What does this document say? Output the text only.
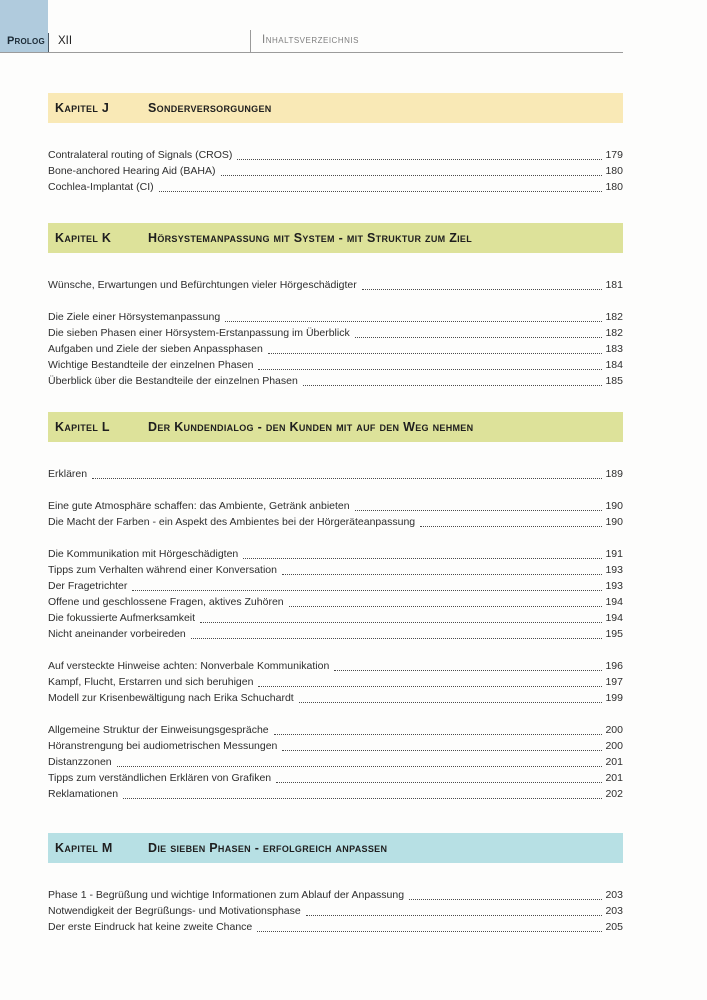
Prolog XII	Inhaltsverzeichnis
Kapitel J	Sonderversorgungen
Contralateral routing of Signals (CROS)	179
Bone-anchored Hearing Aid (BAHA)	180
Cochlea-Implantat (CI)	180
Kapitel K	Hörsystemanpassung mit System - mit Struktur zum Ziel
Wünsche, Erwartungen und Befürchtungen vieler Hörgeschädigter	181
Die Ziele einer Hörsystemanpassung	182
Die sieben Phasen einer Hörsystem-Erstanpassung im Überblick	182
Aufgaben und Ziele der sieben Anpassphasen	183
Wichtige Bestandteile der einzelnen Phasen	184
Überblick über die Bestandteile der einzelnen Phasen	185
Kapitel L	Der Kundendialog - den Kunden mit auf den Weg nehmen
Erklären	189
Eine gute Atmosphäre schaffen: das Ambiente, Getränk anbieten	190
Die Macht der Farben - ein Aspekt des Ambientes bei der Hörgeräteanpassung	190
Die Kommunikation mit Hörgeschädigten	191
Tipps zum Verhalten während einer Konversation	193
Der Fragetrichter	193
Offene und geschlossene Fragen, aktives Zuhören	194
Die fokussierte Aufmerksamkeit	194
Nicht aneinander vorbeireden	195
Auf versteckte Hinweise achten: Nonverbale Kommunikation	196
Kampf, Flucht, Erstarren und sich beruhigen	197
Modell zur Krisenbewältigung nach Erika Schuchardt	199
Allgemeine Struktur der Einweisungsgespräche	200
Höranstrengung bei audiometrischen Messungen	200
Distanzzonen	201
Tipps zum verständlichen Erklären von Grafiken	201
Reklamationen	202
Kapitel M	Die sieben Phasen - erfolgreich anpassen
Phase 1 - Begrüßung und wichtige Informationen zum Ablauf der Anpassung	203
Notwendigkeit der Begrüßungs- und Motivationsphase	203
Der erste Eindruck hat keine zweite Chance	205
